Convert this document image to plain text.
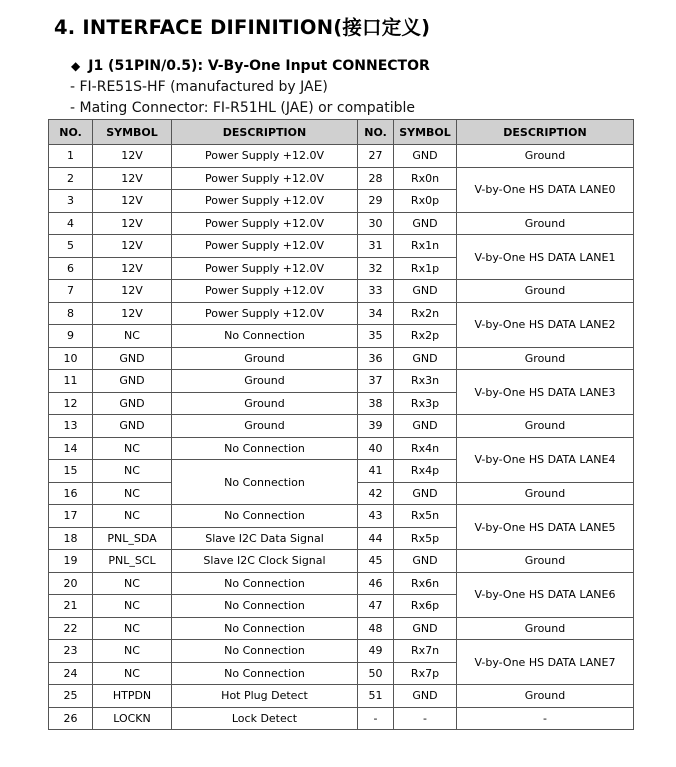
4. INTERFACE DIFINITION(接口定义)
◆ J1 (51PIN/0.5): V-By-One Input CONNECTOR
- FI-RE51S-HF (manufactured by JAE)
- Mating Connector: FI-R51HL (JAE) or compatible
NO.	SYMBOL	DESCRIPTION	NO.	SYMBOL	DESCRIPTION
1	12V	Power Supply +12.0V	27	GND	Ground
2	12V	Power Supply +12.0V	28	Rx0n	V-by-One HS DATA LANE0
3	12V	Power Supply +12.0V	29	Rx0p	
4	12V	Power Supply +12.0V	30	GND	Ground
5	12V	Power Supply +12.0V	31	Rx1n	V-by-One HS DATA LANE1
6	12V	Power Supply +12.0V	32	Rx1p	
7	12V	Power Supply +12.0V	33	GND	Ground
8	12V	Power Supply +12.0V	34	Rx2n	V-by-One HS DATA LANE2
9	NC	No Connection	35	Rx2p	
10	GND	Ground	36	GND	Ground
11	GND	Ground	37	Rx3n	V-by-One HS DATA LANE3
12	GND	Ground	38	Rx3p	
13	GND	Ground	39	GND	Ground
14	NC	No Connection	40	Rx4n	V-by-One HS DATA LANE4
15	NC	No Connection	41	Rx4p	
16	NC		42	GND	Ground
17	NC	No Connection	43	Rx5n	V-by-One HS DATA LANE5
18	PNL_SDA	Slave I2C Data Signal	44	Rx5p	
19	PNL_SCL	Slave I2C Clock Signal	45	GND	Ground
20	NC	No Connection	46	Rx6n	V-by-One HS DATA LANE6
21	NC	No Connection	47	Rx6p	
22	NC	No Connection	48	GND	Ground
23	NC	No Connection	49	Rx7n	V-by-One HS DATA LANE7
24	NC	No Connection	50	Rx7p	
25	HTPDN	Hot Plug Detect	51	GND	Ground
26	LOCKN	Lock Detect	-	-	-
